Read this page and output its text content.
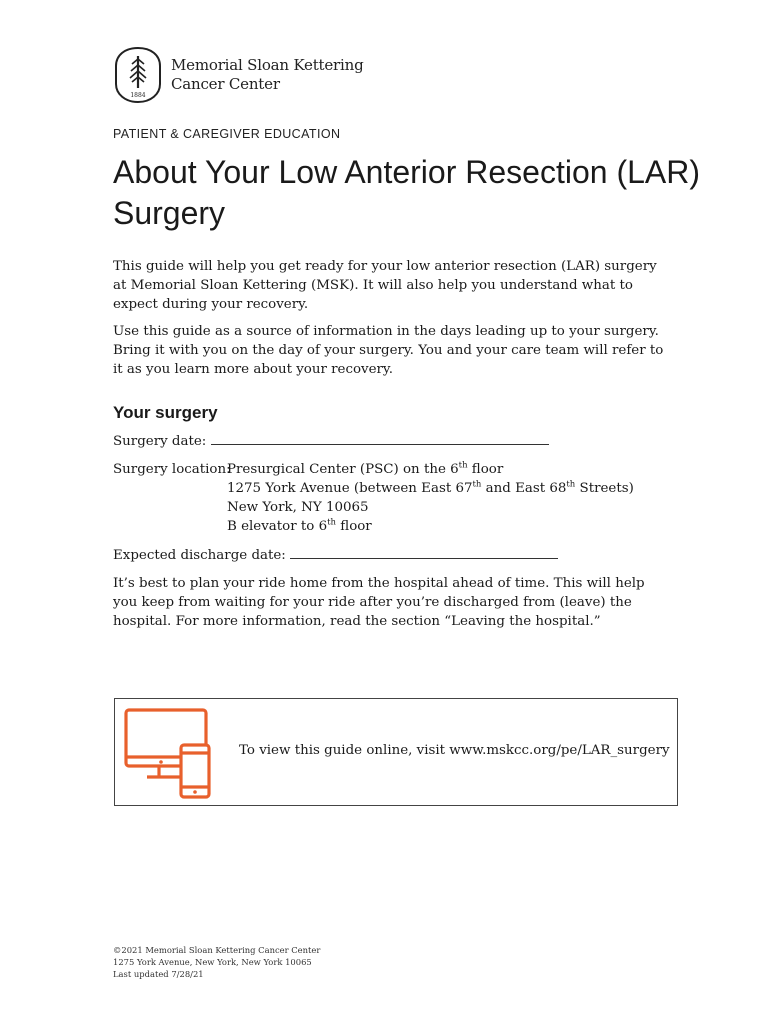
1884
Memorial Sloan Kettering
Cancer Center
PATIENT & CAREGIVER EDUCATION
About Your Low Anterior Resection (LAR) Surgery

This guide will help you get ready for your low anterior resection (LAR) surgery at Memorial Sloan Kettering (MSK). It will also help you understand what to expect during your recovery.

Use this guide as a source of information in the days leading up to your surgery. Bring it with you on the day of your surgery. You and your care team will refer to it as you learn more about your recovery.

Your surgery
Surgery date:
Surgery location:
Presurgical Center (PSC) on the 6th floor
1275 York Avenue (between East 67th and East 68th Streets)
New York, NY 10065
B elevator to 6th floor
Expected discharge date:

It’s best to plan your ride home from the hospital ahead of time. This will help you keep from waiting for your ride after you’re discharged from (leave) the hospital. For more information, read the section “Leaving the hospital.”

To view this guide online, visit www.mskcc.org/pe/LAR_surgery
©2021 Memorial Sloan Kettering Cancer Center
1275 York Avenue, New York, New York 10065
Last updated 7/28/21
